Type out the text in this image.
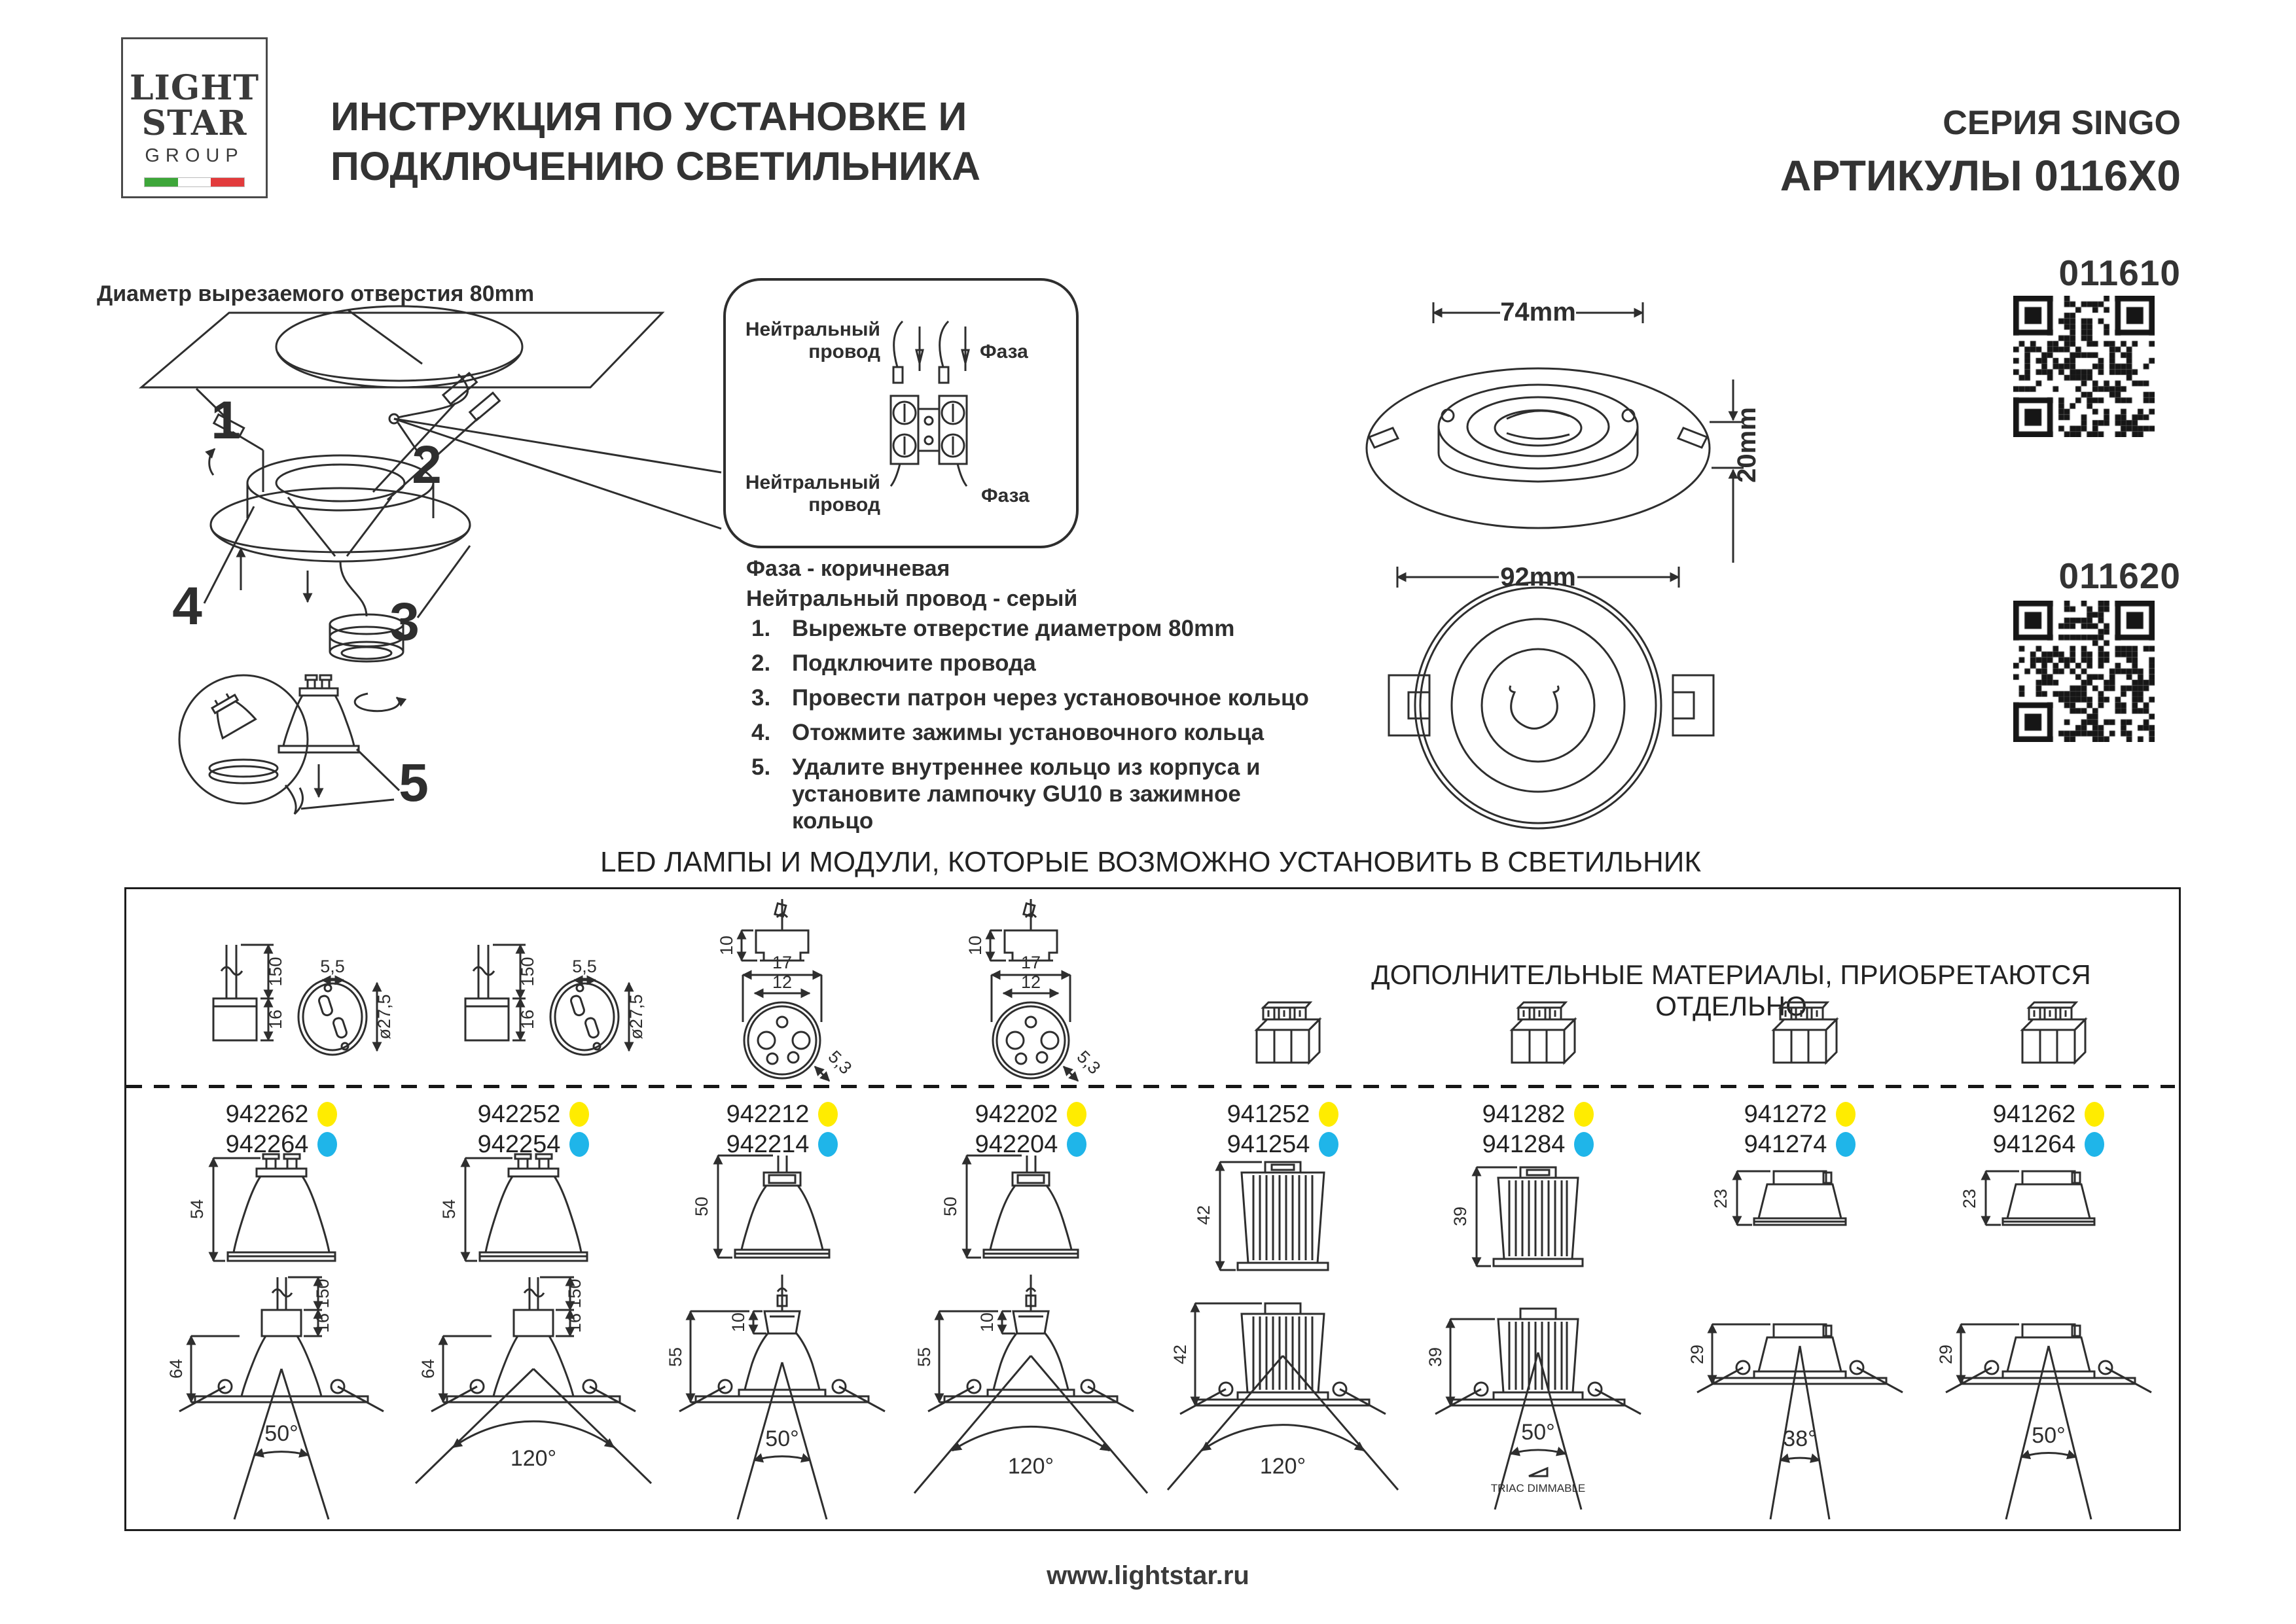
LIGHT
STAR
GROUP
ИНСТРУКЦИЯ ПО УСТАНОВКЕ И
ПОДКЛЮЧЕНИЮ СВЕТИЛЬНИКА
СЕРИЯ SINGO
АРТИКУЛЫ 0116X0
Диаметр вырезаемого отверстия 80mm
1
2
3
4
5
Нейтральный провод	Фаза
Нейтральный провод	Фаза
Фаза - коричневая
Нейтральный провод - серый
1. Вырежьте отверстие диаметром 80mm
2. Подключите провода
3. Провести патрон через установочное кольцо
4. Отожмите зажимы установочного кольца
5. Удалите внутреннее кольцо из корпуса и установите лампочку GU10 в зажимное кольцо
74mm
20mm
92mm
011610
011620
LED ЛАМПЫ И МОДУЛИ, КОТОРЫЕ ВОЗМОЖНО УСТАНОВИТЬ В СВЕТИЛЬНИК
ДОПОЛНИТЕЛЬНЫЕ МАТЕРИАЛЫ, ПРИОБРЕТАЮТСЯ ОТДЕЛЬНО
150
16
5,5
ø27,5
942262
942264
54
150
16
64
50°
150
16
5,5
ø27,5
942252
942254
54
150
16
64
120°
10
17
12
5,3
942212
942214
50
10
55
50°
10
17
12
5,3
942202
942204
50
10
55
120°
941252
941254
42
42
120°
941282
941284
39
39
50°
TRIAC DIMMABLE
941272
941274
23
29
38°
941262
941264
23
29
50°
www.lightstar.ru
